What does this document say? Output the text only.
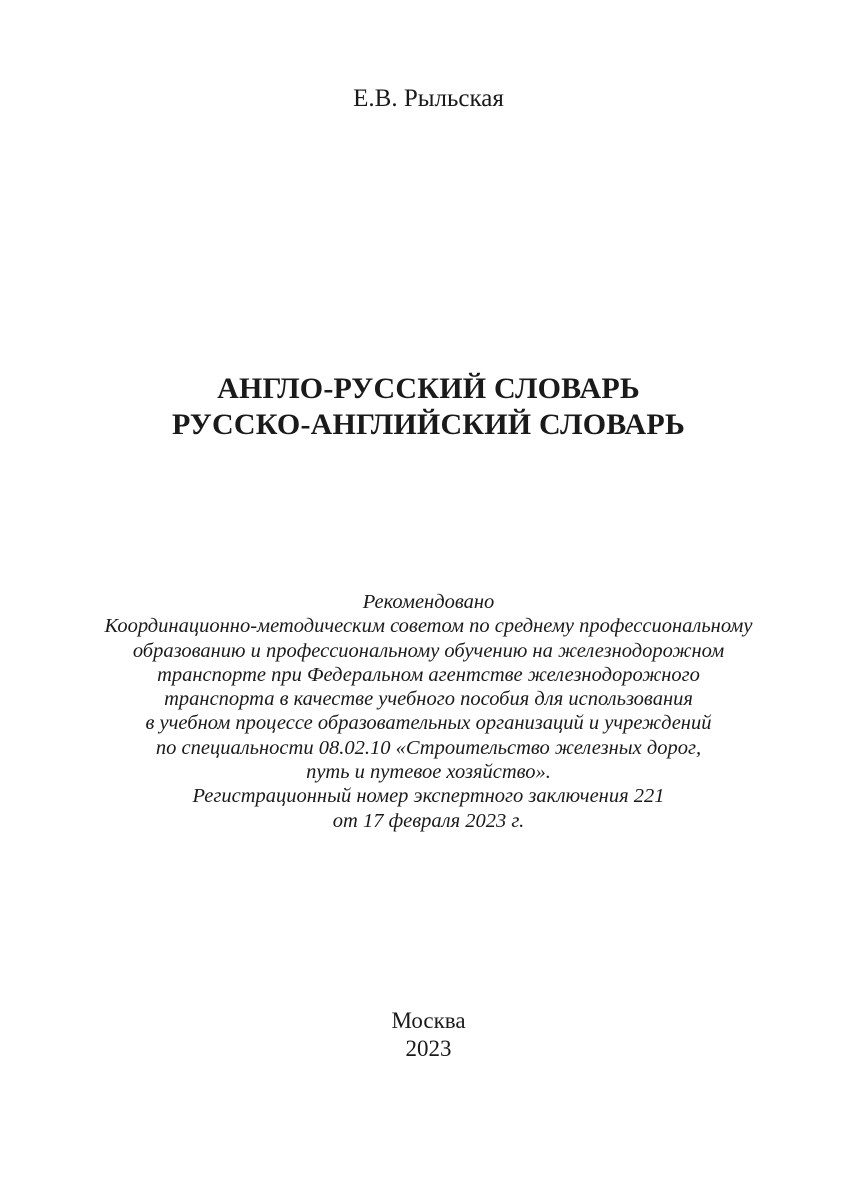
Е.В. Рыльская
АНГЛО-РУССКИЙ СЛОВАРЬ
РУССКО-АНГЛИЙСКИЙ СЛОВАРЬ
Рекомендовано
Координационно-методическим советом по среднему профессиональному
образованию и профессиональному обучению на железнодорожном
транспорте при Федеральном агентстве железнодорожного
транспорта в качестве учебного пособия для использования
в учебном процессе образовательных организаций и учреждений
по специальности 08.02.10 «Строительство железных дорог,
путь и путевое хозяйство».
Регистрационный номер экспертного заключения 221
от 17 февраля 2023 г.
Москва
2023
